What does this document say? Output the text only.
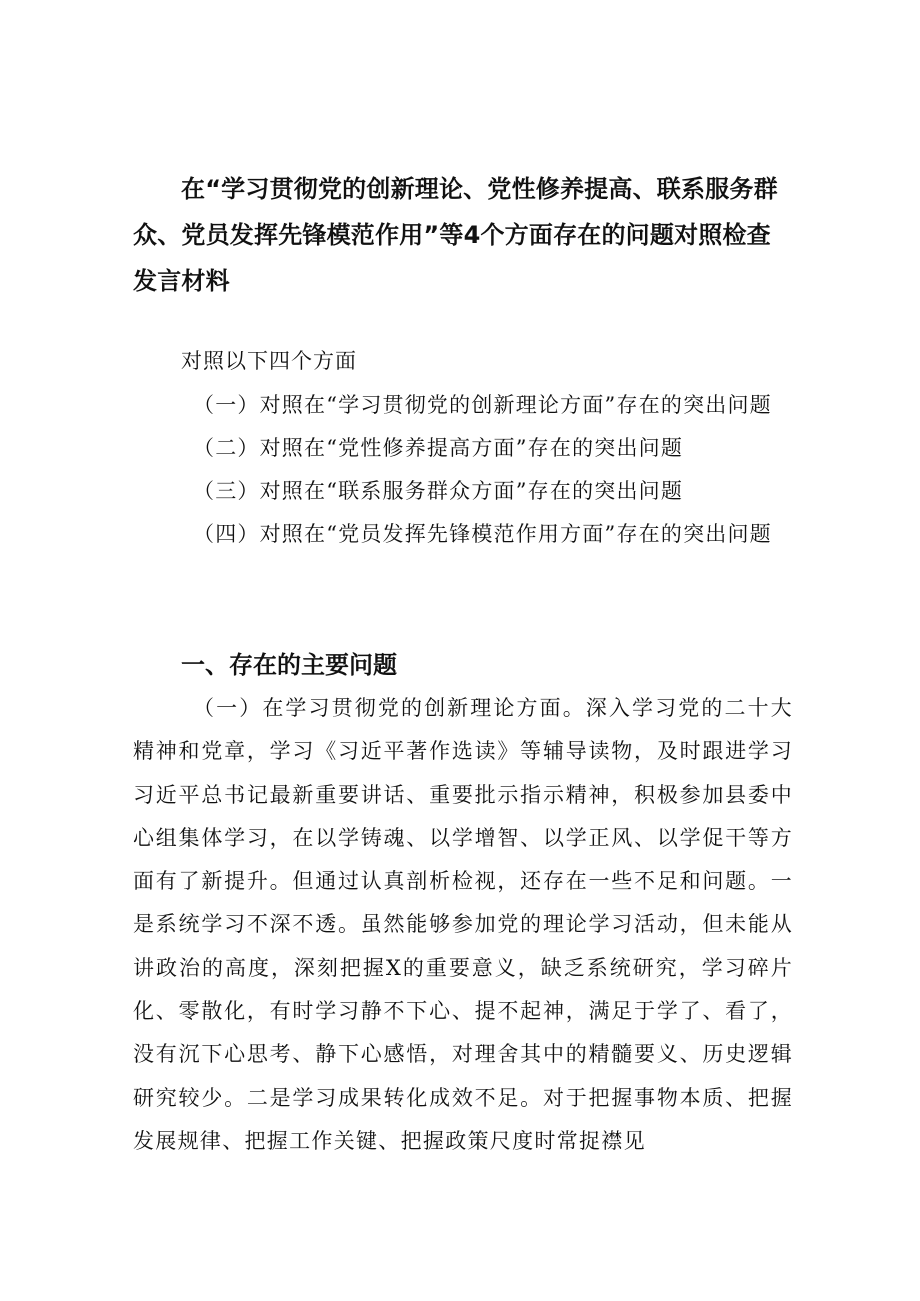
在“学习贯彻党的创新理论、党性修养提高、联系服务群众、党员发挥先锋模范作用”等4个方面存在的问题对照检查发言材料

对照以下四个方面

（一）对照在“学习贯彻党的创新理论方面”存在的突出问题
（二）对照在“党性修养提高方面”存在的突出问题
（三）对照在“联系服务群众方面”存在的突出问题
（四）对照在“党员发挥先锋模范作用方面”存在的突出问题
一、存在的主要问题

（一）在学习贯彻党的创新理论方面。深入学习党的二十大精神和党章，学习《习近平著作选读》等辅导读物，及时跟进学习习近平总书记最新重要讲话、重要批示指示精神，积极参加县委中心组集体学习，在以学铸魂、以学增智、以学正风、以学促干等方面有了新提升。但通过认真剖析检视，还存在一些不足和问题。一是系统学习不深不透。虽然能够参加党的理论学习活动，但未能从讲政治的高度，深刻把握X的重要意义，缺乏系统研究，学习碎片化、零散化，有时学习静不下心、提不起神，满足于学了、看了，没有沉下心思考、静下心感悟，对理舍其中的精髓要义、历史逻辑研究较少。二是学习成果转化成效不足。对于把握事物本质、把握发展规律、把握工作关键、把握政策尺度时常捉襟见
